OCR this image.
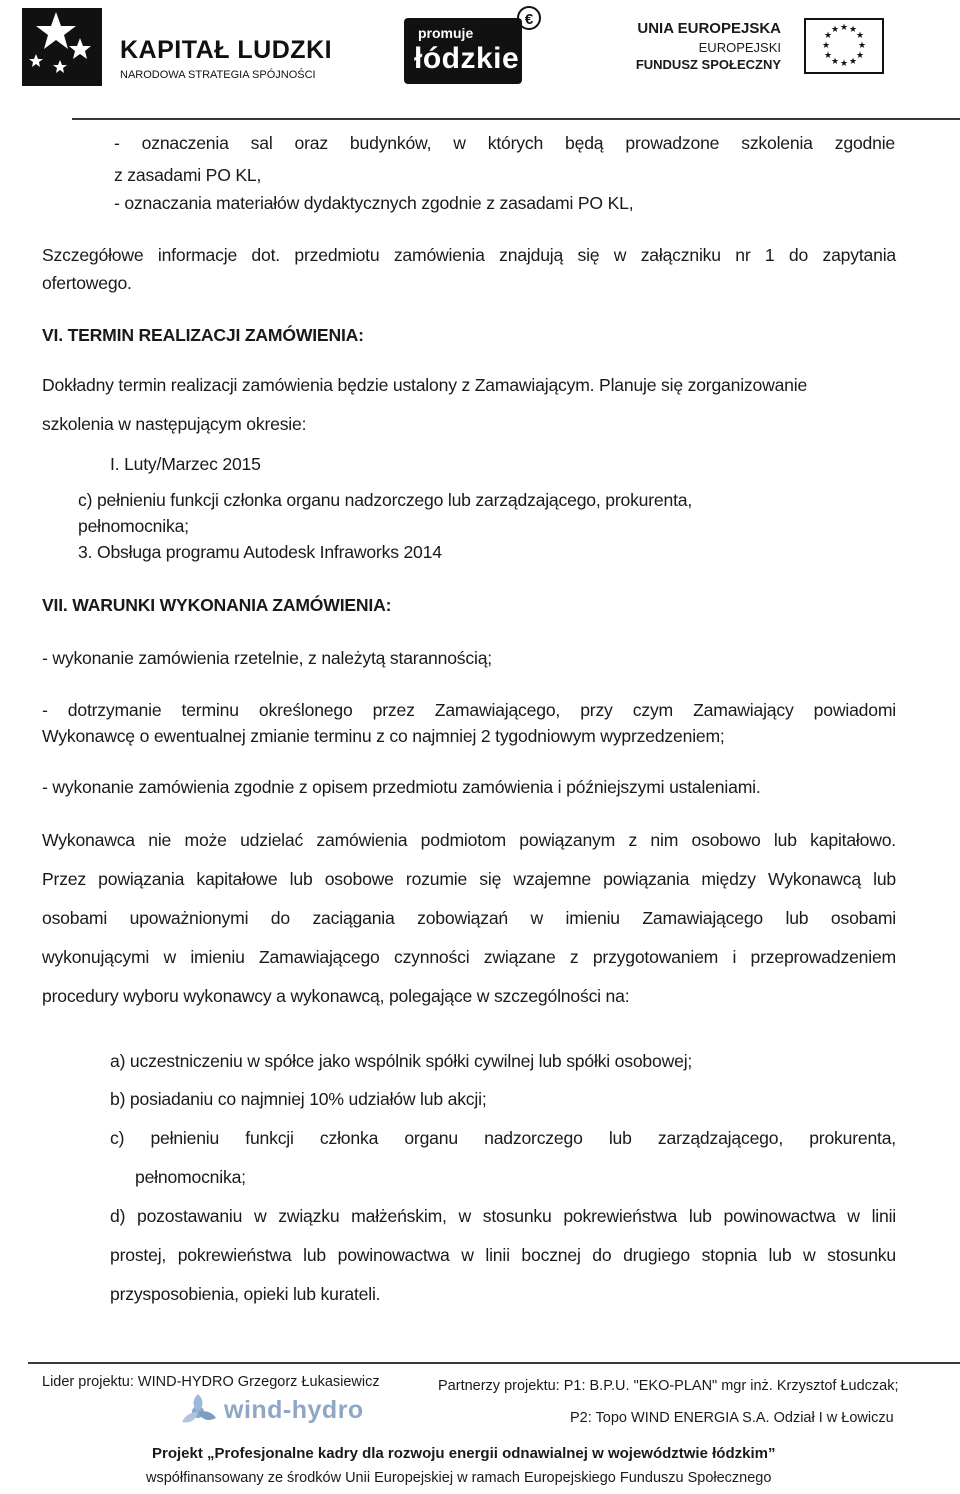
KAPITAŁ LUDZKI
NARODOWA STRATEGIA SPÓJNOŚCI
promuje
łódzkie
€
UNIA EUROPEJSKA
EUROPEJSKI
FUNDUSZ SPOŁECZNY
★ ★
★
★
★
★
★
★
★
★
★
★
- oznaczenia sal oraz budynków, w których będą prowadzone szkolenia zgodnie
z zasadami PO KL,
- oznaczania materiałów dydaktycznych zgodnie z zasadami PO KL,
Szczegółowe informacje dot. przedmiotu zamówienia znajdują się w załączniku nr 1 do zapytania
ofertowego.
VI. TERMIN REALIZACJI ZAMÓWIENIA:
Dokładny termin realizacji zamówienia będzie ustalony z Zamawiającym. Planuje się zorganizowanie
szkolenia w następującym okresie:
I. Luty/Marzec 2015
c) pełnieniu funkcji członka organu nadzorczego lub zarządzającego, prokurenta,
pełnomocnika;
3. Obsługa programu Autodesk Infraworks 2014
VII. WARUNKI WYKONANIA ZAMÓWIENIA:
- wykonanie zamówienia rzetelnie, z należytą starannością;
- dotrzymanie terminu określonego przez Zamawiającego, przy czym Zamawiający powiadomi
Wykonawcę o ewentualnej zmianie terminu z co najmniej 2 tygodniowym wyprzedzeniem;
- wykonanie zamówienia zgodnie z opisem przedmiotu zamówienia i późniejszymi ustaleniami.
Wykonawca nie może udzielać zamówienia podmiotom powiązanym z nim osobowo lub kapitałowo.
Przez powiązania kapitałowe lub osobowe rozumie się wzajemne powiązania między Wykonawcą lub
osobami upoważnionymi do zaciągania zobowiązań w imieniu Zamawiającego lub osobami
wykonującymi w imieniu Zamawiającego czynności związane z przygotowaniem i przeprowadzeniem
procedury wyboru wykonawcy a wykonawcą, polegające w szczególności na:
a) uczestniczeniu w spółce jako wspólnik spółki cywilnej lub spółki osobowej;
b) posiadaniu co najmniej 10% udziałów lub akcji;
c) pełnieniu funkcji członka organu nadzorczego lub zarządzającego, prokurenta,
pełnomocnika;
d) pozostawaniu w związku małżeńskim, w stosunku pokrewieństwa lub powinowactwa w linii
prostej, pokrewieństwa lub powinowactwa w linii bocznej do drugiego stopnia lub w stosunku
przysposobienia, opieki lub kurateli.
Lider projektu: WIND-HYDRO Grzegorz Łukasiewicz	Partnerzy projektu: P1: B.P.U. "EKO-PLAN" mgr inż. Krzysztof Łudczak;
P2: Topo WIND ENERGIA S.A. Odział I w Łowiczu
wind-hydro
Projekt „Profesjonalne kadry dla rozwoju energii odnawialnej w województwie łódzkim”
współfinansowany ze środków Unii Europejskiej w ramach Europejskiego Funduszu Społecznego
